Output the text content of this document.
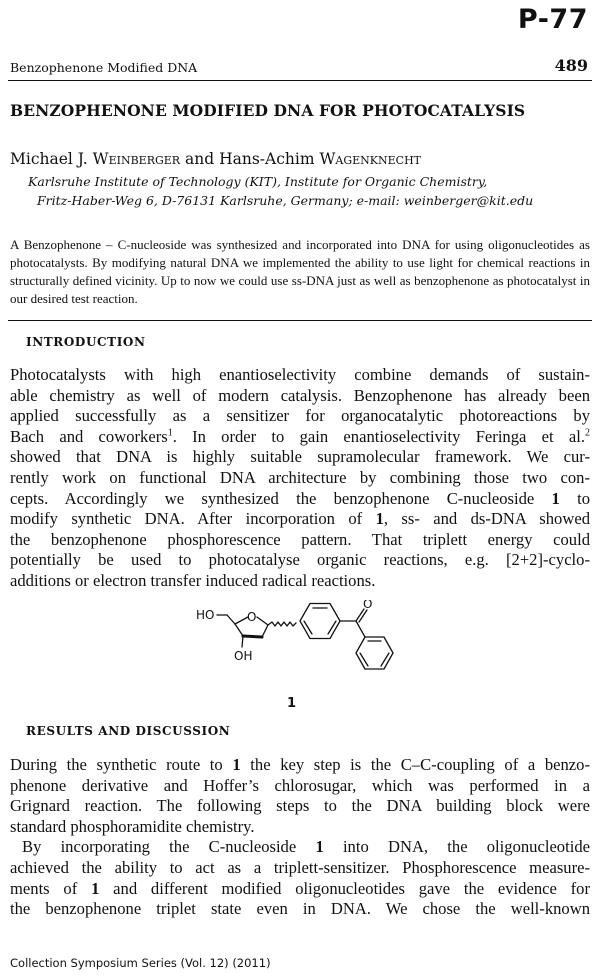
P-77
Benzophenone Modified DNA	489
BENZOPHENONE MODIFIED DNA FOR PHOTOCATALYSIS
Michael J. Weinberger and Hans-Achim Wagenknecht
Karlsruhe Institute of Technology (KIT), Institute for Organic Chemistry,
Fritz-Haber-Weg 6, D-76131 Karlsruhe, Germany; e-mail: weinberger@kit.edu
A Benzophenone – C-nucleoside was synthesized and incorporated into DNA for using oligonucleotides as photocatalysts. By modifying natural DNA we implemented the ability to use light for chemical reactions in structurally defined vicinity. Up to now we could use ss-DNA just as well as benzophenone as photocatalyst in our desired test reaction.
INTRODUCTION
Photocatalysts with high enantioselectivity combine demands of sustain-
able chemistry as well of modern catalysis. Benzophenone has already been
applied successfully as a sensitizer for organocatalytic photoreactions by
Bach and coworkers$^1$. In order to gain enantioselectivity Feringa et al.$^2$
showed that DNA is highly suitable supramolecular framework. We cur-
rently work on functional DNA architecture by combining those two con-
cepts. Accordingly we synthesized the benzophenone C-nucleoside 1 to
modify synthetic DNA. After incorporation of 1, ss- and ds-DNA showed
the benzophenone phosphorescence pattern. That triplett energy could
potentially be used to photocatalyse organic reactions, e.g. [2+2]-cyclo-
additions or electron transfer induced radical reactions.
HO	O
OH
O
1
RESULTS AND DISCUSSION
During the synthetic route to 1 the key step is the C–C-coupling of a benzo-
phenone derivative and Hoffer’s chlorosugar, which was performed in a
Grignard reaction. The following steps to the DNA building block were
standard phosphoramidite chemistry.
By incorporating the C-nucleoside 1 into DNA, the oligonucleotide
achieved the ability to act as a triplett-sensitizer. Phosphorescence measure-
ments of 1 and different modified oligonucleotides gave the evidence for
the benzophenone triplet state even in DNA. We chose the well-known
Collection Symposium Series (Vol. 12) (2011)
